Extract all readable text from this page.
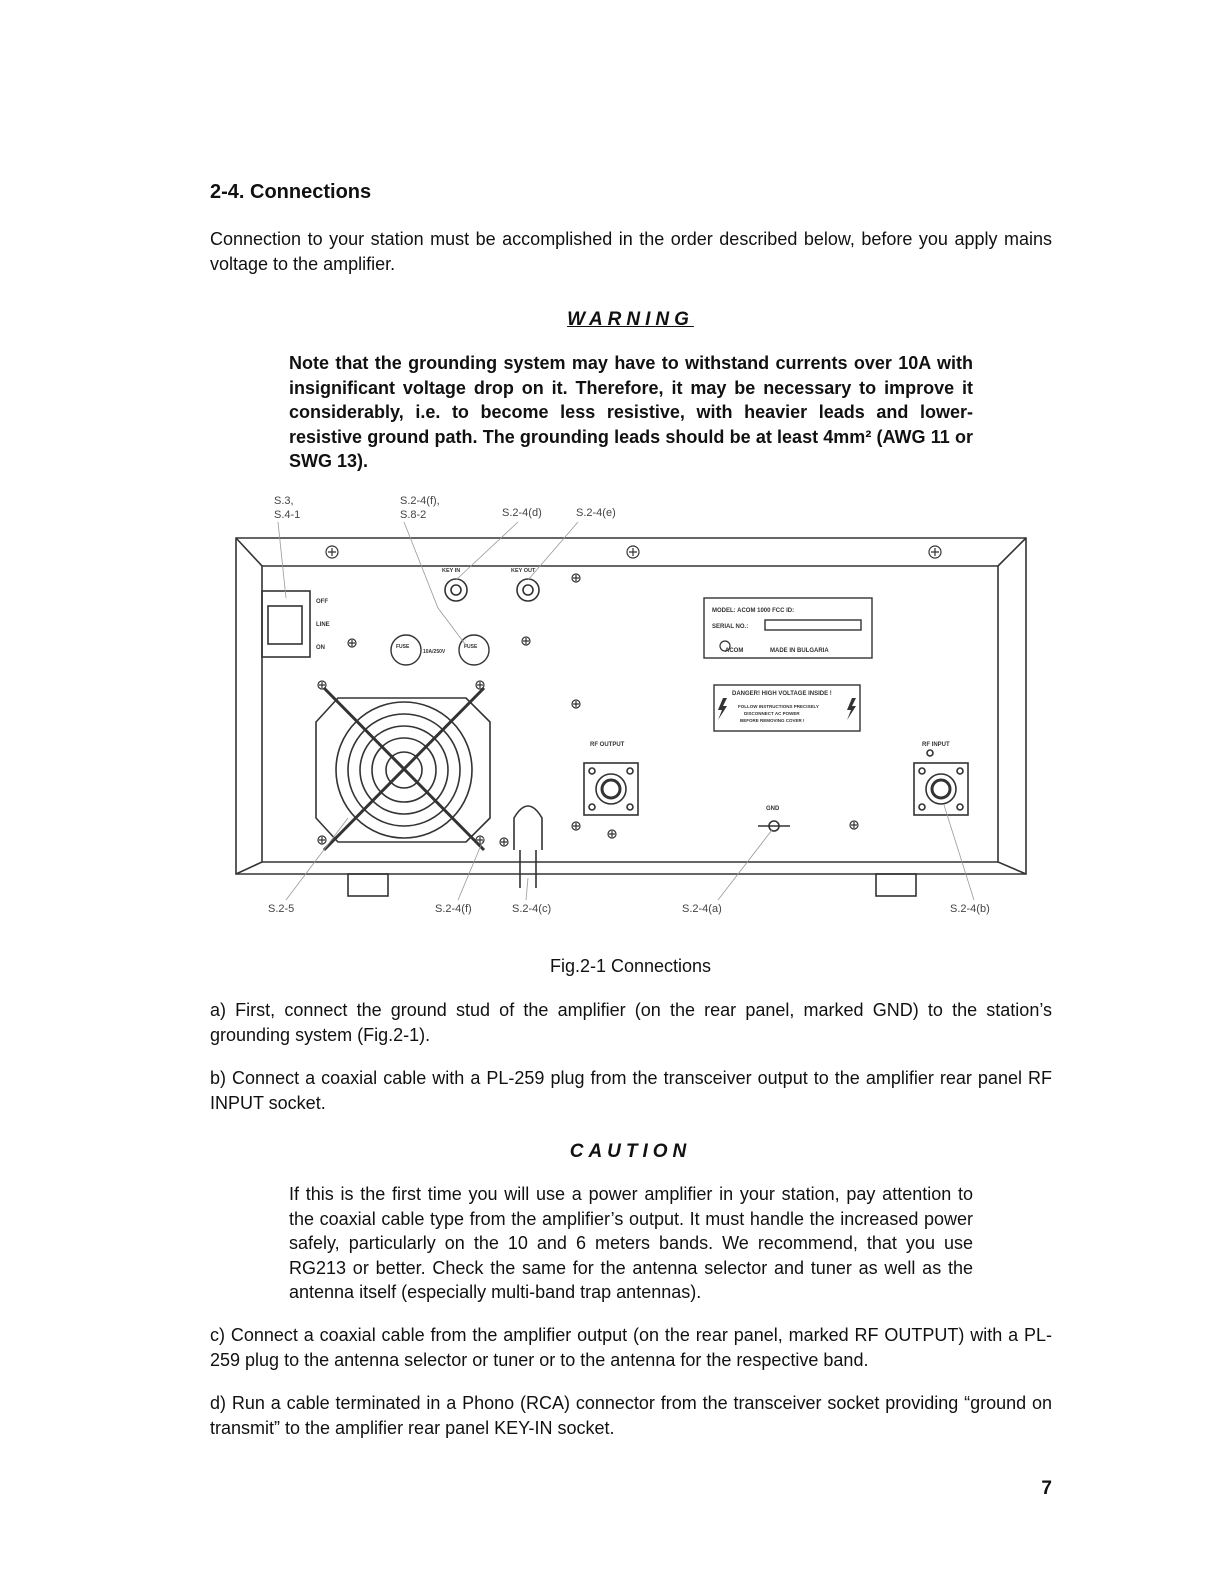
2-4. Connections

Connection to your station must be accomplished in the order described below, before you apply mains voltage to the amplifier.

WARNING

Note that the grounding system may have to withstand currents over 10A with insignificant voltage drop on it. Therefore, it may be necessary to improve it considerably, i.e. to become less resistive, with heavier leads and lower-resistive ground path. The grounding leads should be at least 4mm² (AWG 11 or SWG 13).

OFF
LINE
ON	FUSE	FUSE
10A/250V
KEY IN	KEY OUT
MODEL: ACOM 1000 FCC ID:
SERIAL NO.:
ACOM	MADE IN BULGARIA
DANGER! HIGH VOLTAGE INSIDE !
FOLLOW INSTRUCTIONS PRECISELY
DISCONNECT AC POWER
BEFORE REMOVING COVER !
RF OUTPUT	RF INPUT
GND
S.3,
S.4-1
S.2-4(f),
S.8-2	S.2-4(d)	S.2-4(e)
S.2-5	S.2-4(f)	S.2-4(c)	S.2-4(a)	S.2-4(b)

Fig.2-1 Connections

a) First, connect the ground stud of the amplifier (on the rear panel, marked GND) to the station’s grounding system (Fig.2-1).

b) Connect a coaxial cable with a PL-259 plug from the transceiver output to the amplifier rear panel RF INPUT socket.

CAUTION

If this is the first time you will use a power amplifier in your station, pay attention to the coaxial cable type from the amplifier’s output. It must handle the increased power safely, particularly on the 10 and 6 meters bands. We recommend, that you use RG213 or better. Check the same for the antenna selector and tuner as well as the antenna itself (especially multi-band trap antennas).

c) Connect a coaxial cable from the amplifier output (on the rear panel, marked RF OUTPUT) with a PL-259 plug to the antenna selector or tuner or to the antenna for the respective band.

d) Run a cable terminated in a Phono (RCA) connector from the transceiver socket providing “ground on transmit” to the amplifier rear panel KEY-IN socket.

7
